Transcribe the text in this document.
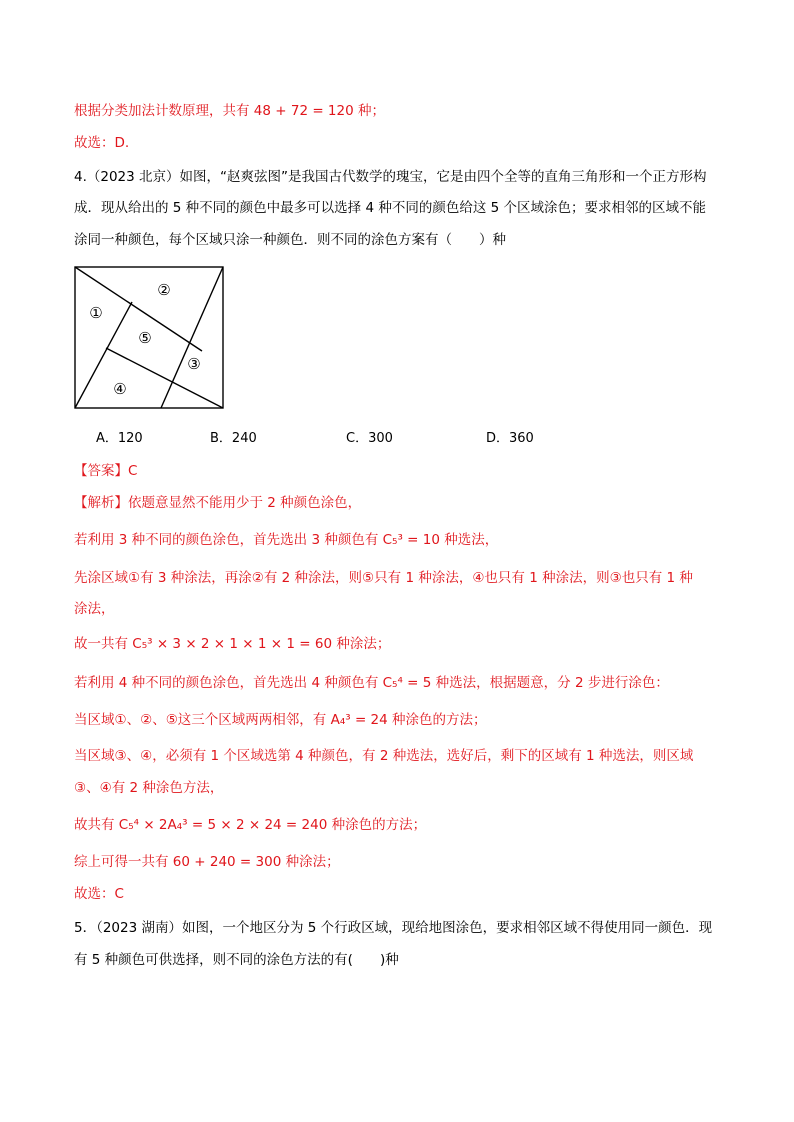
根据分类加法计数原理，共有 48 + 72 = 120 种；
故选：D.
4.（2023 北京）如图，“赵爽弦图”是我国古代数学的瑰宝，它是由四个全等的直角三角形和一个正方形构
成．现从给出的 5 种不同的颜色中最多可以选择 4 种不同的颜色给这 5 个区域涂色；要求相邻的区域不能
涂同一种颜色，每个区域只涂一种颜色．则不同的涂色方案有（　　）种
①
②
③
④
⑤
A．120	B．240	C．300	D．360
【答案】C
【解析】依题意显然不能用少于 2 种颜色涂色，
若利用 3 种不同的颜色涂色，首先选出 3 种颜色有 C₅³ = 10 种选法，
先涂区域①有 3 种涂法，再涂②有 2 种涂法，则⑤只有 1 种涂法，④也只有 1 种涂法，则③也只有 1 种
涂法，
故一共有 C₅³ × 3 × 2 × 1 × 1 × 1 = 60 种涂法；
若利用 4 种不同的颜色涂色，首先选出 4 种颜色有 C₅⁴ = 5 种选法，根据题意，分 2 步进行涂色：
当区域①、②、⑤这三个区域两两相邻，有 A₄³ = 24 种涂色的方法；
当区域③、④，必须有 1 个区域选第 4 种颜色，有 2 种选法，选好后，剩下的区域有 1 种选法，则区域
③、④有 2 种涂色方法，
故共有 C₅⁴ × 2A₄³ = 5 × 2 × 24 = 240 种涂色的方法；
综上可得一共有 60 + 240 = 300 种涂法；
故选：C
5．（2023 湖南）如图，一个地区分为 5 个行政区域，现给地图涂色，要求相邻区域不得使用同一颜色．现
有 5 种颜色可供选择，则不同的涂色方法的有(　　)种
